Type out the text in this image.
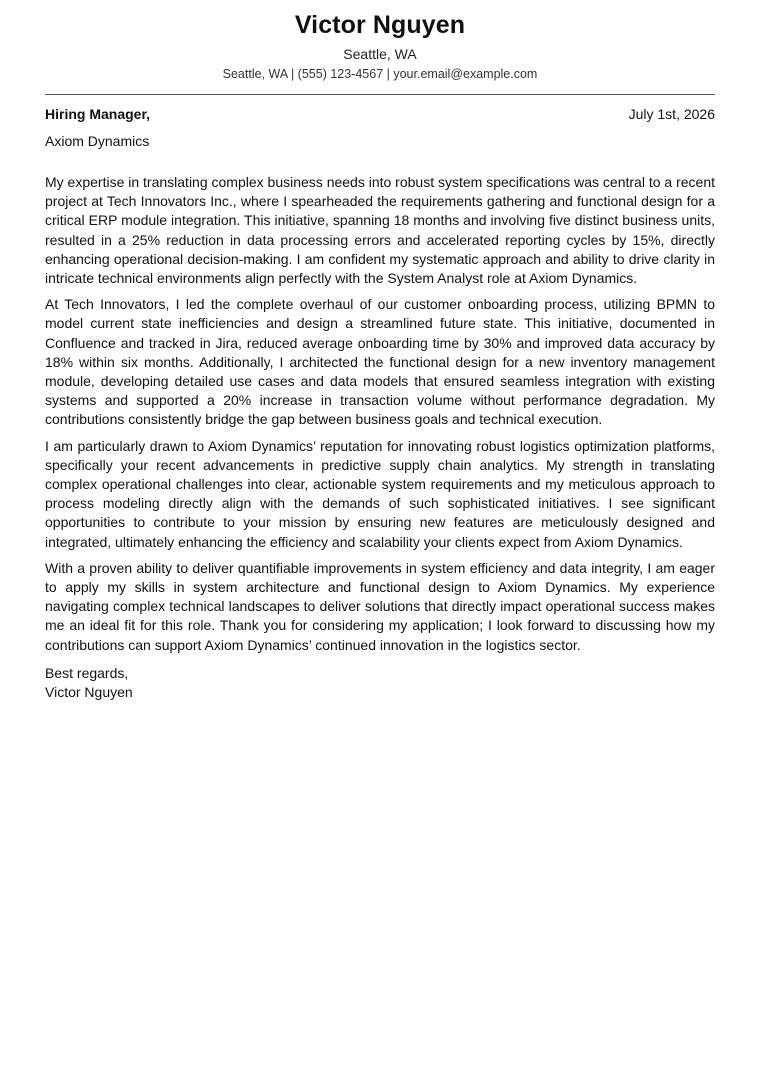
Victor Nguyen
Seattle, WA
Seattle, WA | (555) 123-4567 | your.email@example.com
Hiring Manager,	July 1st, 2026
Axiom Dynamics

My expertise in translating complex business needs into robust system specifications was central to a recent project at Tech Innovators Inc., where I spearheaded the requirements gathering and functional design for a critical ERP module integration. This initiative, spanning 18 months and involving five distinct business units, resulted in a 25% reduction in data processing errors and accelerated reporting cycles by 15%, directly enhancing operational decision-making. I am confident my systematic approach and ability to drive clarity in intricate technical environments align perfectly with the System Analyst role at Axiom Dynamics.

At Tech Innovators, I led the complete overhaul of our customer onboarding process, utilizing BPMN to model current state inefficiencies and design a streamlined future state. This initiative, documented in Confluence and tracked in Jira, reduced average onboarding time by 30% and improved data accuracy by 18% within six months. Additionally, I architected the functional design for a new inventory management module, developing detailed use cases and data models that ensured seamless integration with existing systems and supported a 20% increase in transaction volume without performance degradation. My contributions consistently bridge the gap between business goals and technical execution.

I am particularly drawn to Axiom Dynamics’ reputation for innovating robust logistics optimization platforms, specifically your recent advancements in predictive supply chain analytics. My strength in translating complex operational challenges into clear, actionable system requirements and my meticulous approach to process modeling directly align with the demands of such sophisticated initiatives. I see significant opportunities to contribute to your mission by ensuring new features are meticulously designed and integrated, ultimately enhancing the efficiency and scalability your clients expect from Axiom Dynamics.

With a proven ability to deliver quantifiable improvements in system efficiency and data integrity, I am eager to apply my skills in system architecture and functional design to Axiom Dynamics. My experience navigating complex technical landscapes to deliver solutions that directly impact operational success makes me an ideal fit for this role. Thank you for considering my application; I look forward to discussing how my contributions can support Axiom Dynamics’ continued innovation in the logistics sector.

Best regards,
Victor Nguyen
